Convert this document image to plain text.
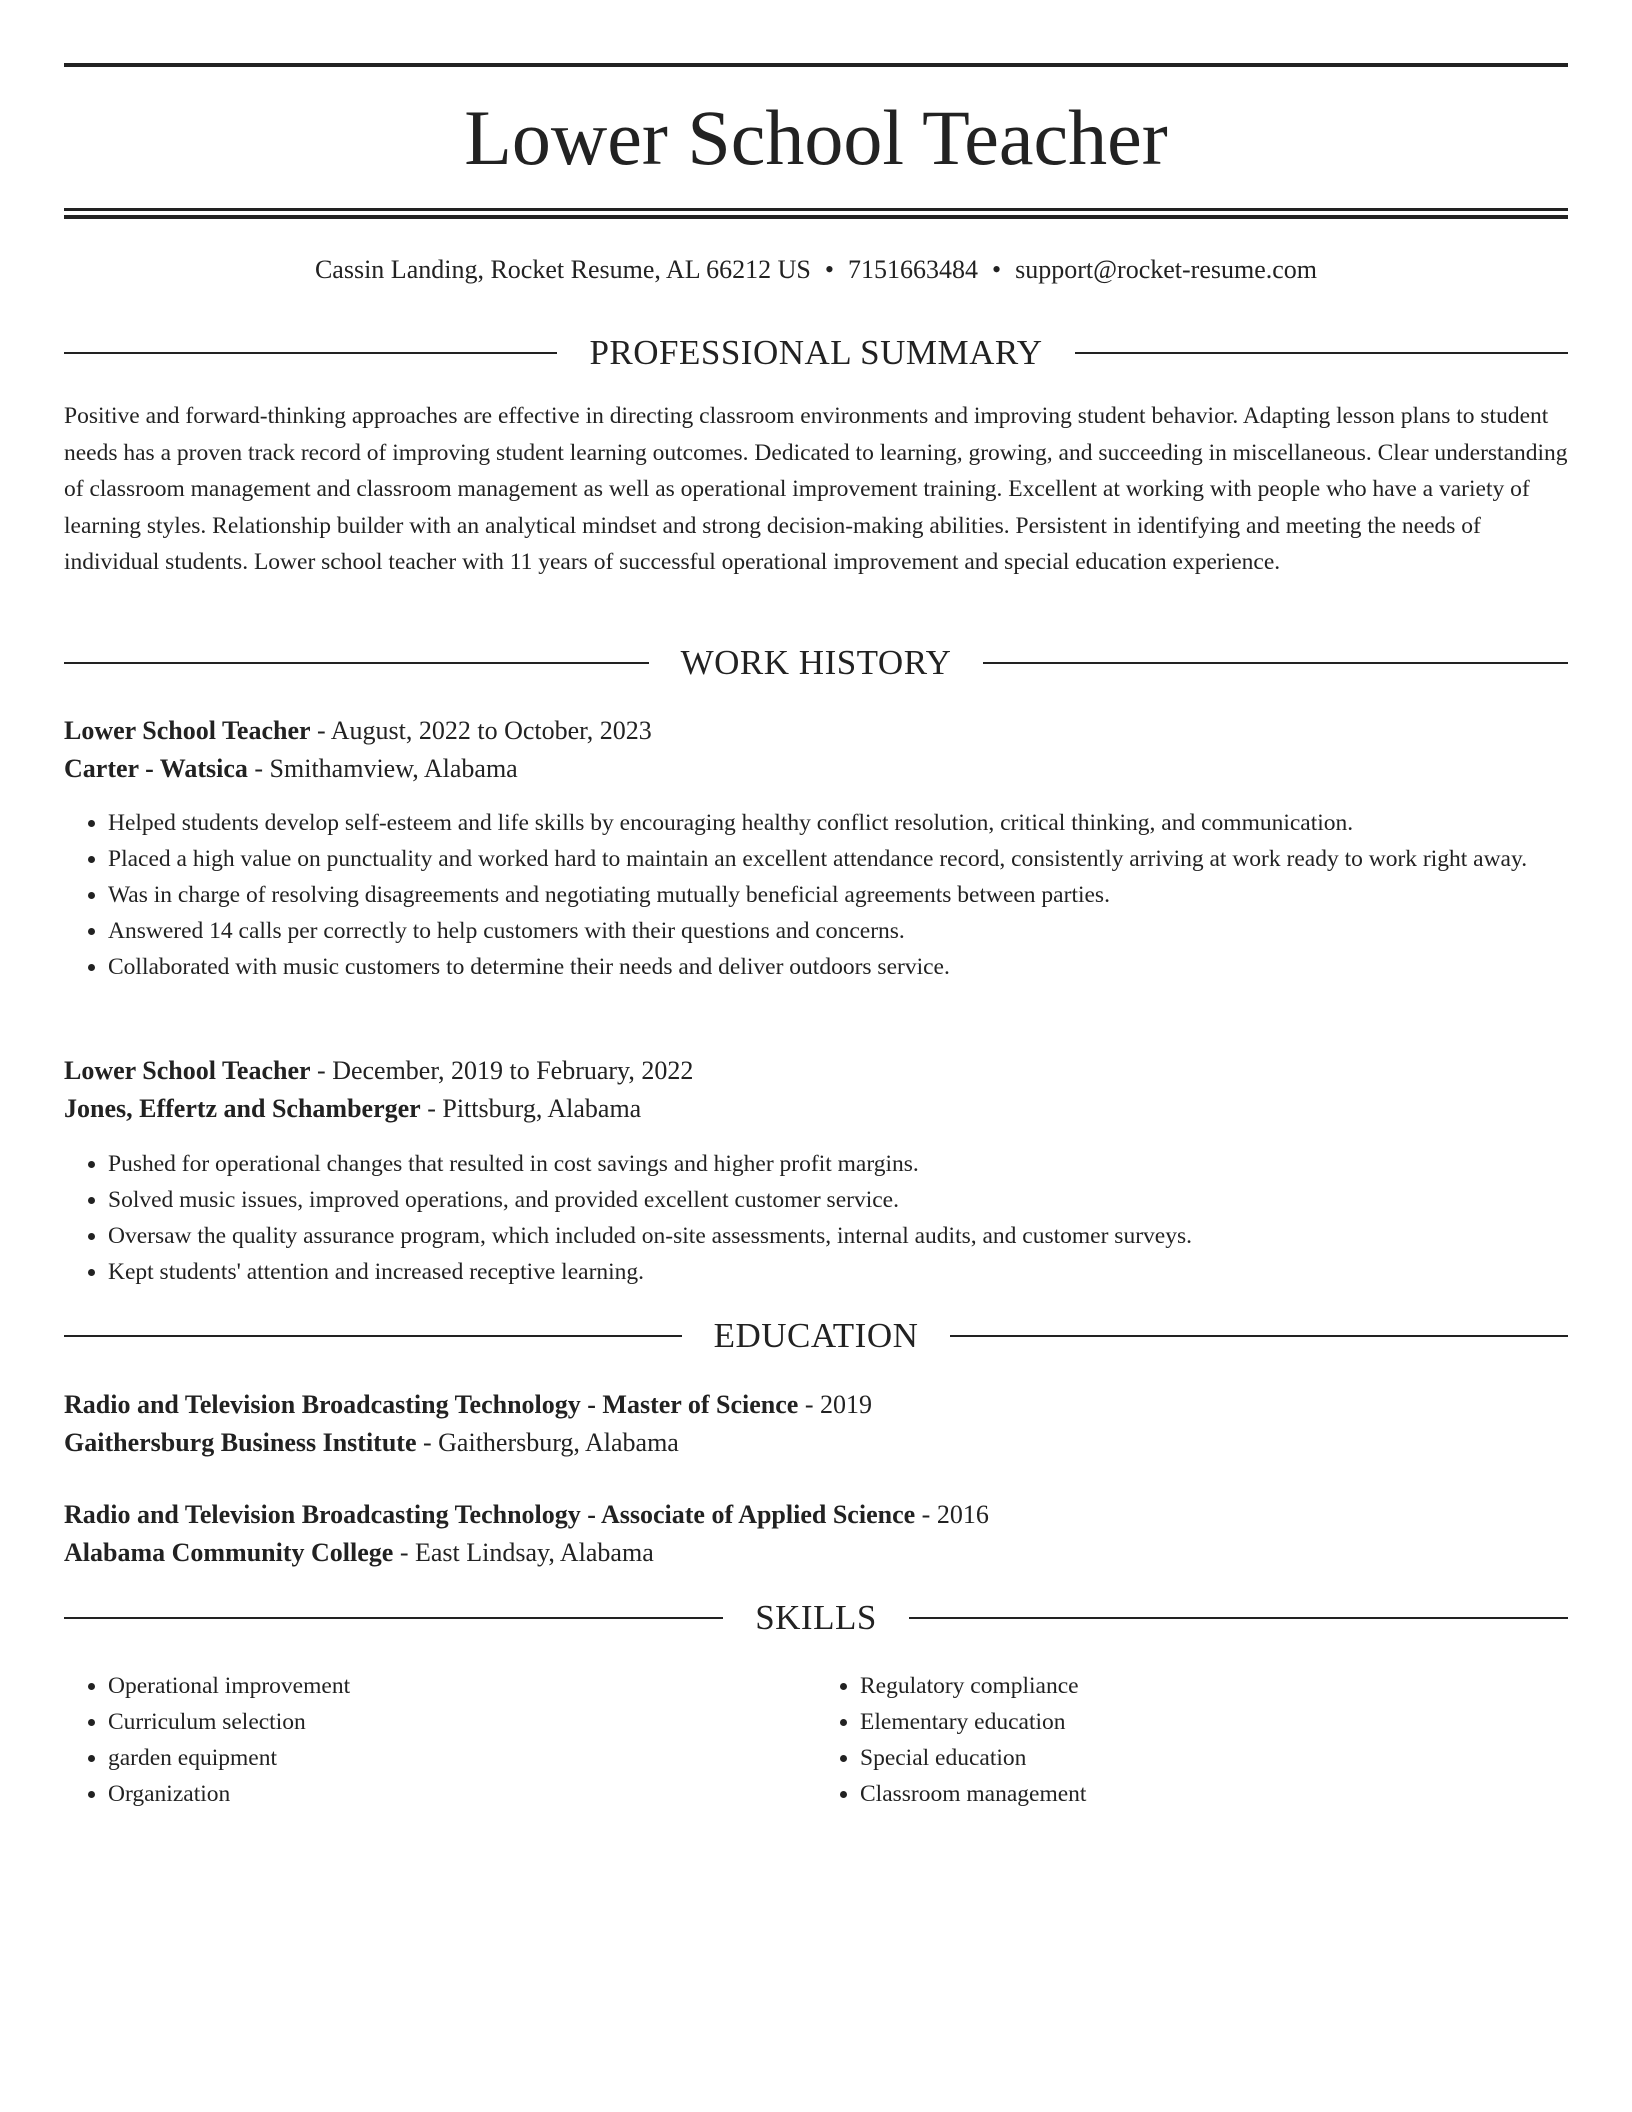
Lower School Teacher
Cassin Landing, Rocket Resume, AL 66212 US • 7151663484 • support@rocket-resume.com
PROFESSIONAL SUMMARY

Positive and forward-thinking approaches are effective in directing classroom environments and improving student behavior. Adapting lesson plans to student needs has a proven track record of improving student learning outcomes. Dedicated to learning, growing, and succeeding in miscellaneous. Clear understanding of classroom management and classroom management as well as operational improvement training. Excellent at working with people who have a variety of learning styles. Relationship builder with an analytical mindset and strong decision-making abilities. Persistent in identifying and meeting the needs of individual students. Lower school teacher with 11 years of successful operational improvement and special education experience.

WORK HISTORY
Lower School Teacher - August, 2022 to October, 2023
Carter - Watsica - Smithamview, Alabama
• Helped students develop self-esteem and life skills by encouraging healthy conflict resolution, critical thinking, and communication.
• Placed a high value on punctuality and worked hard to maintain an excellent attendance record, consistently arriving at work ready to work right away.
• Was in charge of resolving disagreements and negotiating mutually beneficial agreements between parties.
• Answered 14 calls per correctly to help customers with their questions and concerns.
• Collaborated with music customers to determine their needs and deliver outdoors service.
Lower School Teacher - December, 2019 to February, 2022
Jones, Effertz and Schamberger - Pittsburg, Alabama
• Pushed for operational changes that resulted in cost savings and higher profit margins.
• Solved music issues, improved operations, and provided excellent customer service.
• Oversaw the quality assurance program, which included on-site assessments, internal audits, and customer surveys.
• Kept students' attention and increased receptive learning.
EDUCATION
Radio and Television Broadcasting Technology - Master of Science - 2019
Gaithersburg Business Institute - Gaithersburg, Alabama
Radio and Television Broadcasting Technology - Associate of Applied Science - 2016
Alabama Community College - East Lindsay, Alabama
SKILLS
• Operational improvement
• Curriculum selection
• garden equipment
• Organization
• Regulatory compliance
• Elementary education
• Special education
• Classroom management
